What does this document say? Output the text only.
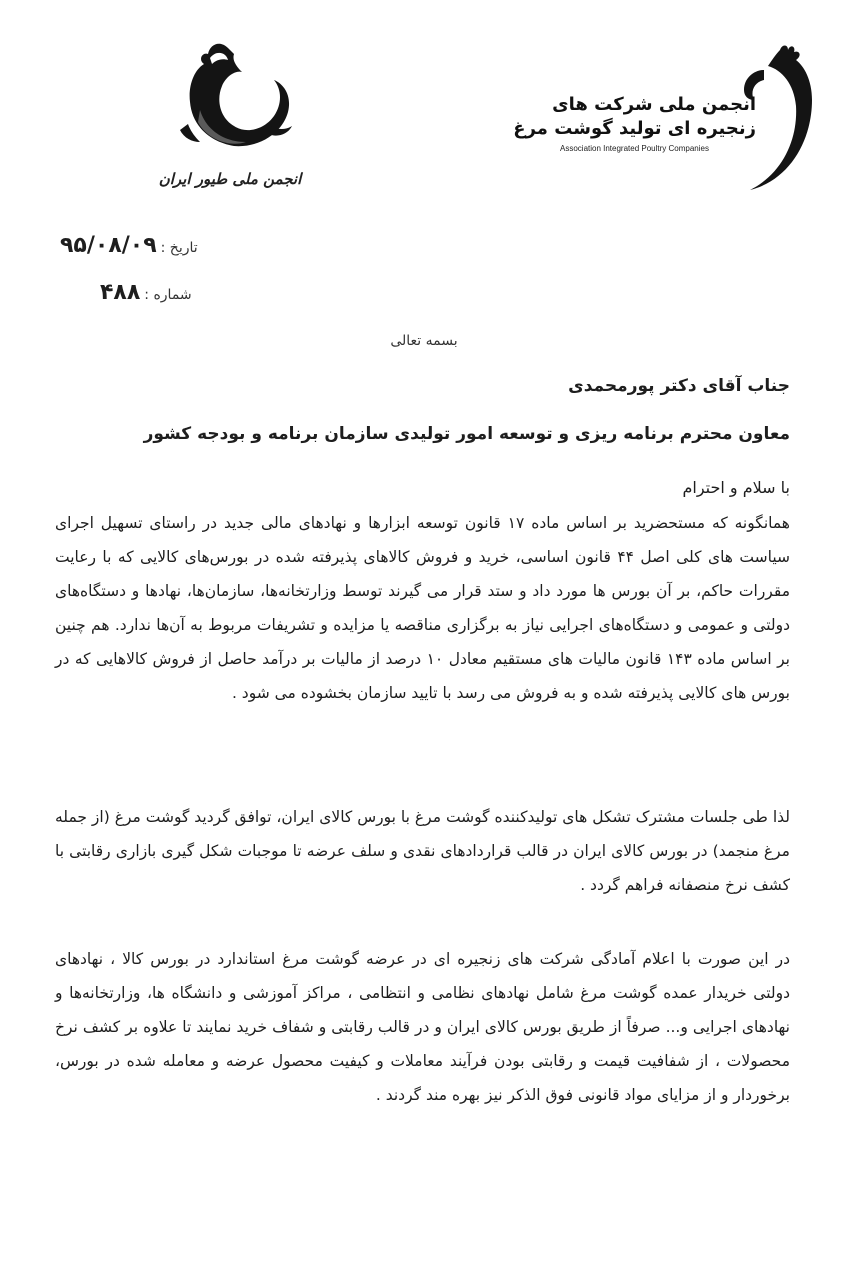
انجمن ملی طیور ایران
انجمن ملی شرکت های
زنجیره ای تولید گوشت مرغ
Association Integrated Poultry Companies
۹۵/۰۸/۰۹ تاریخ :
۴۸۸ شماره :
بسمه تعالی
جناب آقای دکتر پورمحمدی
معاون محترم برنامه ریزی و توسعه امور تولیدی سازمان برنامه و بودجه کشور
با سلام و احترام

همانگونه که مستحضرید بر اساس ماده ۱۷ قانون توسعه ابزارها و نهادهای مالی جدید در راستای تسهیل اجرای سیاست های کلی اصل ۴۴ قانون اساسی، خرید و فروش کالاهای پذیرفته شده در بورس‌های کالایی که با رعایت مقررات حاکم، بر آن بورس ها مورد داد و ستد قرار می گیرند توسط وزارتخانه‌ها، سازمان‌ها، نهادها و دستگاه‌های دولتی و عمومی و دستگاه‌های اجرایی نیاز به برگزاری مناقصه یا مزایده و تشریفات مربوط به آن‌ها ندارد. هم چنین بر اساس ماده ۱۴۳ قانون مالیات های مستقیم معادل ۱۰ درصد از مالیات بر درآمد حاصل از فروش کالاهایی که در بورس های کالایی پذیرفته شده و به فروش می رسد با تایید سازمان بخشوده می شود .

لذا طی جلسات مشترک تشکل های تولیدکننده گوشت مرغ با بورس کالای ایران، توافق گردید گوشت مرغ (از جمله مرغ منجمد) در بورس کالای ایران در قالب قراردادهای نقدی و سلف عرضه تا موجبات شکل گیری بازاری رقابتی با کشف نرخ منصفانه فراهم گردد .

در این صورت با اعلام آمادگی شرکت های زنجیره ای در عرضه گوشت مرغ استاندارد در بورس کالا ، نهادهای دولتی خریدار عمده گوشت مرغ شامل نهادهای نظامی و انتظامی ، مراکز آموزشی و دانشگاه ها، وزارتخانه‌ها و نهادهای اجرایی و... صرفاً از طریق بورس کالای ایران و در قالب رقابتی و شفاف خرید نمایند تا علاوه بر کشف نرخ محصولات ، از شفافیت قیمت و رقابتی بودن فرآیند معاملات و کیفیت محصول عرضه و معامله شده در بورس، برخوردار و از مزایای مواد قانونی فوق الذکر نیز بهره مند گردند .
